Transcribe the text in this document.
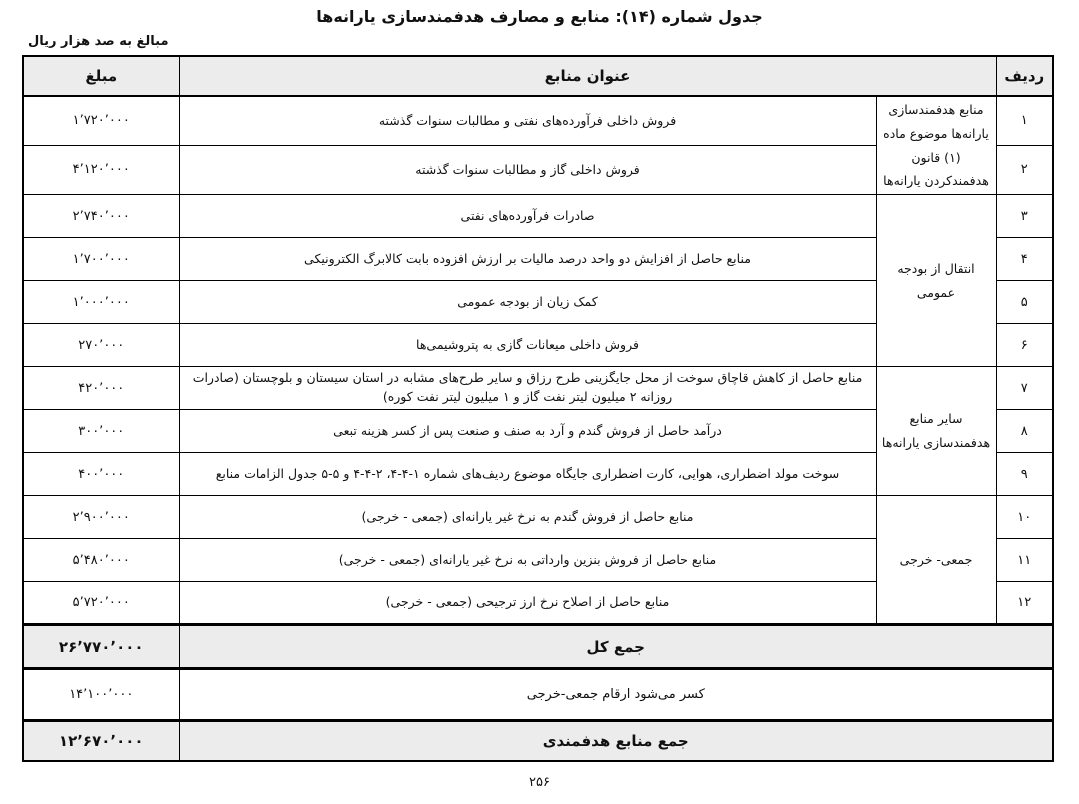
جدول شماره (۱۴): منابع و مصارف هدفمندسازی یارانه‌ها
مبالغ به صد هزار ریال
ردیف	عنوان منابع		مبلغ
۱	منابع هدفمندسازی یارانه‌ها موضوع ماده (۱) قانون هدفمندکردن یارانه‌ها	فروش داخلی فرآورده‌های نفتی و مطالبات سنوات گذشته	۱٬۷۲۰٬۰۰۰
۲		فروش داخلی گاز و مطالبات سنوات گذشته	۴٬۱۲۰٬۰۰۰
۳	انتقال از بودجه عمومی	صادرات فرآورده‌های نفتی	۲٬۷۴۰٬۰۰۰
۴		منابع حاصل از افزایش دو واحد درصد مالیات بر ارزش افزوده بابت کالابرگ الکترونیکی	۱٬۷۰۰٬۰۰۰
۵		کمک زیان از بودجه عمومی	۱٬۰۰۰٬۰۰۰
۶		فروش داخلی میعانات گازی به پتروشیمی‌ها	۲۷۰٬۰۰۰
۷	سایر منابع هدفمندسازی یارانه‌ها	منابع حاصل از کاهش قاچاق سوخت از محل جایگزینی طرح رزاق و سایر طرح‌های مشابه در استان سیستان و بلوچستان (صادرات روزانه ۲ میلیون لیتر نفت گاز و ۱ میلیون لیتر نفت کوره)	۴۲۰٬۰۰۰
۸		درآمد حاصل از فروش گندم و آرد به صنف و صنعت پس از کسر هزینه تبعی	۳۰۰٬۰۰۰
۹		سوخت مولد اضطراری، هوایی، کارت اضطراری جایگاه موضوع ردیف‌های شماره ۱-۴-۴، ۲-۴-۴ و ۵-۵ جدول الزامات منابع	۴۰۰٬۰۰۰
۱۰	جمعی- خرجی	منابع حاصل از فروش گندم به نرخ غیر یارانه‌ای (جمعی - خرجی)	۲٬۹۰۰٬۰۰۰
۱۱		منابع حاصل از فروش بنزین وارداتی به نرخ غیر یارانه‌ای (جمعی - خرجی)	۵٬۴۸۰٬۰۰۰
۱۲		منابع حاصل از اصلاح نرخ ارز ترجیحی (جمعی - خرجی)	۵٬۷۲۰٬۰۰۰
جمع کل			۲۶٬۷۷۰٬۰۰۰
کسر می‌شود ارقام جمعی-خرجی			۱۴٬۱۰۰٬۰۰۰
جمع منابع هدفمندی			۱۲٬۶۷۰٬۰۰۰
۲۵۶
